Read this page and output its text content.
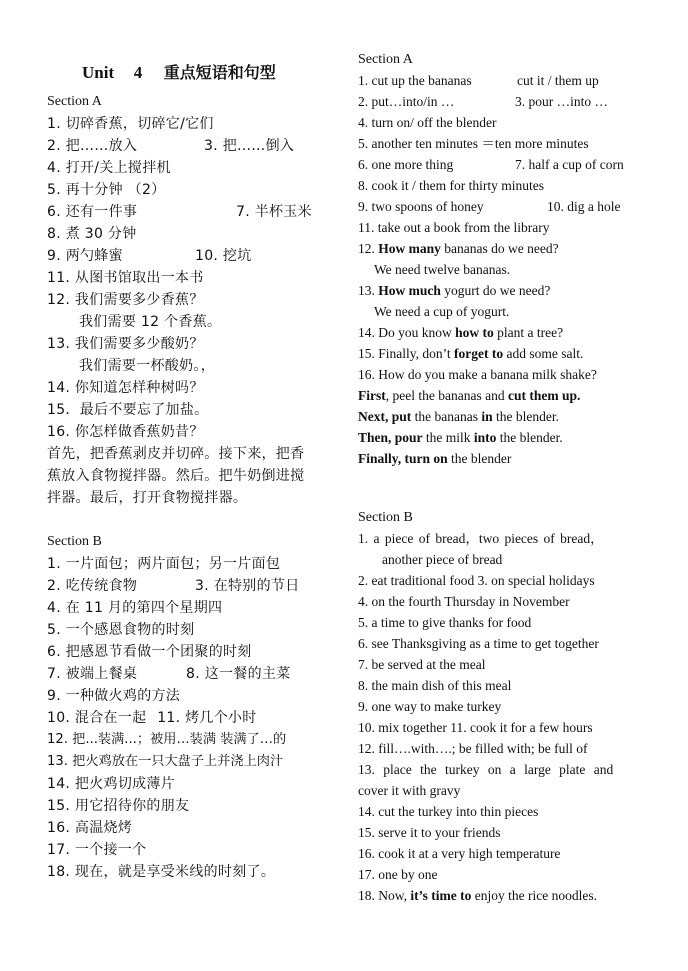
Unit 4 重点短语和句型
Section A
1. 切碎香蕉，切碎它/它们
2. 把……放入	3. 把……倒入
4. 打开/关上搅拌机
5. 再十分钟 （2）
6. 还有一件事	7. 半杯玉米
8. 煮 30 分钟
9. 两勺蜂蜜	10. 挖坑
11. 从图书馆取出一本书
12. 我们需要多少香蕉？
我们需要 12 个香蕉。
13. 我们需要多少酸奶？
我们需要一杯酸奶。，
14. 你知道怎样种树吗？
15．最后不要忘了加盐。
16. 你怎样做香蕉奶昔？
首先，把香蕉剥皮并切碎。接下来，把香
蕉放入食物搅拌器。然后。把牛奶倒进搅
拌器。最后，打开食物搅拌器。
Section B
1. 一片面包；两片面包；另一片面包
2. 吃传统食物	3. 在特别的节日
4. 在 11 月的第四个星期四
5. 一个感恩食物的时刻
6. 把感恩节看做一个团聚的时刻
7. 被端上餐桌	8. 这一餐的主菜
9. 一种做火鸡的方法
10. 混合在一起 11. 烤几个小时
12. 把...装满...；被用…装满 装满了…的
13. 把火鸡放在一只大盘子上并浇上肉汁
14. 把火鸡切成薄片
15. 用它招待你的朋友
16. 高温烧烤
17. 一个接一个
18. 现在，就是享受米线的时刻了。
Section A
1. cut up the bananas	cut it / them up
2. put…into/in …	3. pour …into …
4. turn on/ off the blender
5. another ten minutes ＝ten more minutes
6. one more thing	7. half a cup of corn
8. cook it / them for thirty minutes
9. two spoons of honey	10. dig a hole
11. take out a book from the library
12. How many bananas do we need?
We need twelve bananas.
13. How much yogurt do we need?
We need a cup of yogurt.
14. Do you know how to plant a tree?
15. Finally, don’t forget to add some salt.
16. How do you make a banana milk shake?
First, peel the bananas and cut them up.
Next, put the bananas in the blender.
Then, pour the milk into the blender.
Finally, turn on the blender
Section B
1. a piece of bread，two pieces of bread，
another piece of bread
2. eat traditional food 3. on special holidays
4. on the fourth Thursday in November
5. a time to give thanks for food
6. see Thanksgiving as a time to get together
7. be served at the meal
8. the main dish of this meal
9. one way to make turkey
10. mix together 11. cook it for a few hours
12. fill….with….; be filled with; be full of
13. place the turkey on a large plate and
cover it with gravy
14. cut the turkey into thin pieces
15. serve it to your friends
16. cook it at a very high temperature
17. one by one
18. Now, it’s time to enjoy the rice noodles.
